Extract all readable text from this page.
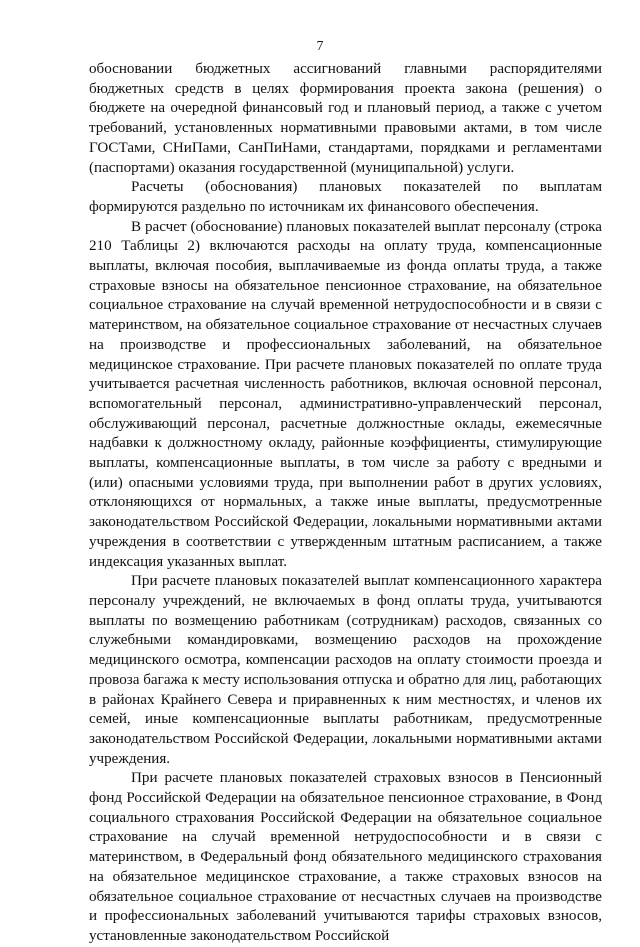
7

обосновании бюджетных ассигнований главными распорядителями бюджетных средств в целях формирования проекта закона (решения) о бюджете на очередной финансовый год и плановый период, а также с учетом требований, установленных нормативными правовыми актами, в том числе ГОСТами, СНиПами, СанПиНами, стандартами, порядками и регламентами (паспортами) оказания государственной (муниципальной) услуги.

Расчеты (обоснования) плановых показателей по выплатам формируются раздельно по источникам их финансового обеспечения.

В расчет (обоснование) плановых показателей выплат персоналу (строка 210 Таблицы 2) включаются расходы на оплату труда, компенсационные выплаты, включая пособия, выплачиваемые из фонда оплаты труда, а также страховые взносы на обязательное пенсионное страхование, на обязательное социальное страхование на случай временной нетрудоспособности и в связи с материнством, на обязательное социальное страхование от несчастных случаев на производстве и профессиональных заболеваний, на обязательное медицинское страхование. При расчете плановых показателей по оплате труда учитывается расчетная численность работников, включая основной персонал, вспомогательный персонал, административно-управленческий персонал, обслуживающий персонал, расчетные должностные оклады, ежемесячные надбавки к должностному окладу, районные коэффициенты, стимулирующие выплаты, компенсационные выплаты, в том числе за работу с вредными и (или) опасными условиями труда, при выполнении работ в других условиях, отклоняющихся от нормальных, а также иные выплаты, предусмотренные законодательством Российской Федерации, локальными нормативными актами учреждения в соответствии с утвержденным штатным расписанием, а также индексация указанных выплат.

При расчете плановых показателей выплат компенсационного характера персоналу учреждений, не включаемых в фонд оплаты труда, учитываются выплаты по возмещению работникам (сотрудникам) расходов, связанных со служебными командировками, возмещению расходов на прохождение медицинского осмотра, компенсации расходов на оплату стоимости проезда и провоза багажа к месту использования отпуска и обратно для лиц, работающих в районах Крайнего Севера и приравненных к ним местностях, и членов их семей, иные компенсационные выплаты работникам, предусмотренные законодательством Российской Федерации, локальными нормативными актами учреждения.

При расчете плановых показателей страховых взносов в Пенсионный фонд Российской Федерации на обязательное пенсионное страхование, в Фонд социального страхования Российской Федерации на обязательное социальное страхование на случай временной нетрудоспособности и в связи с материнством, в Федеральный фонд обязательного медицинского страхования на обязательное медицинское страхование, а также страховых взносов на обязательное социальное страхование от несчастных случаев на производстве и профессиональных заболеваний учитываются тарифы страховых взносов, установленные законодательством Российской
